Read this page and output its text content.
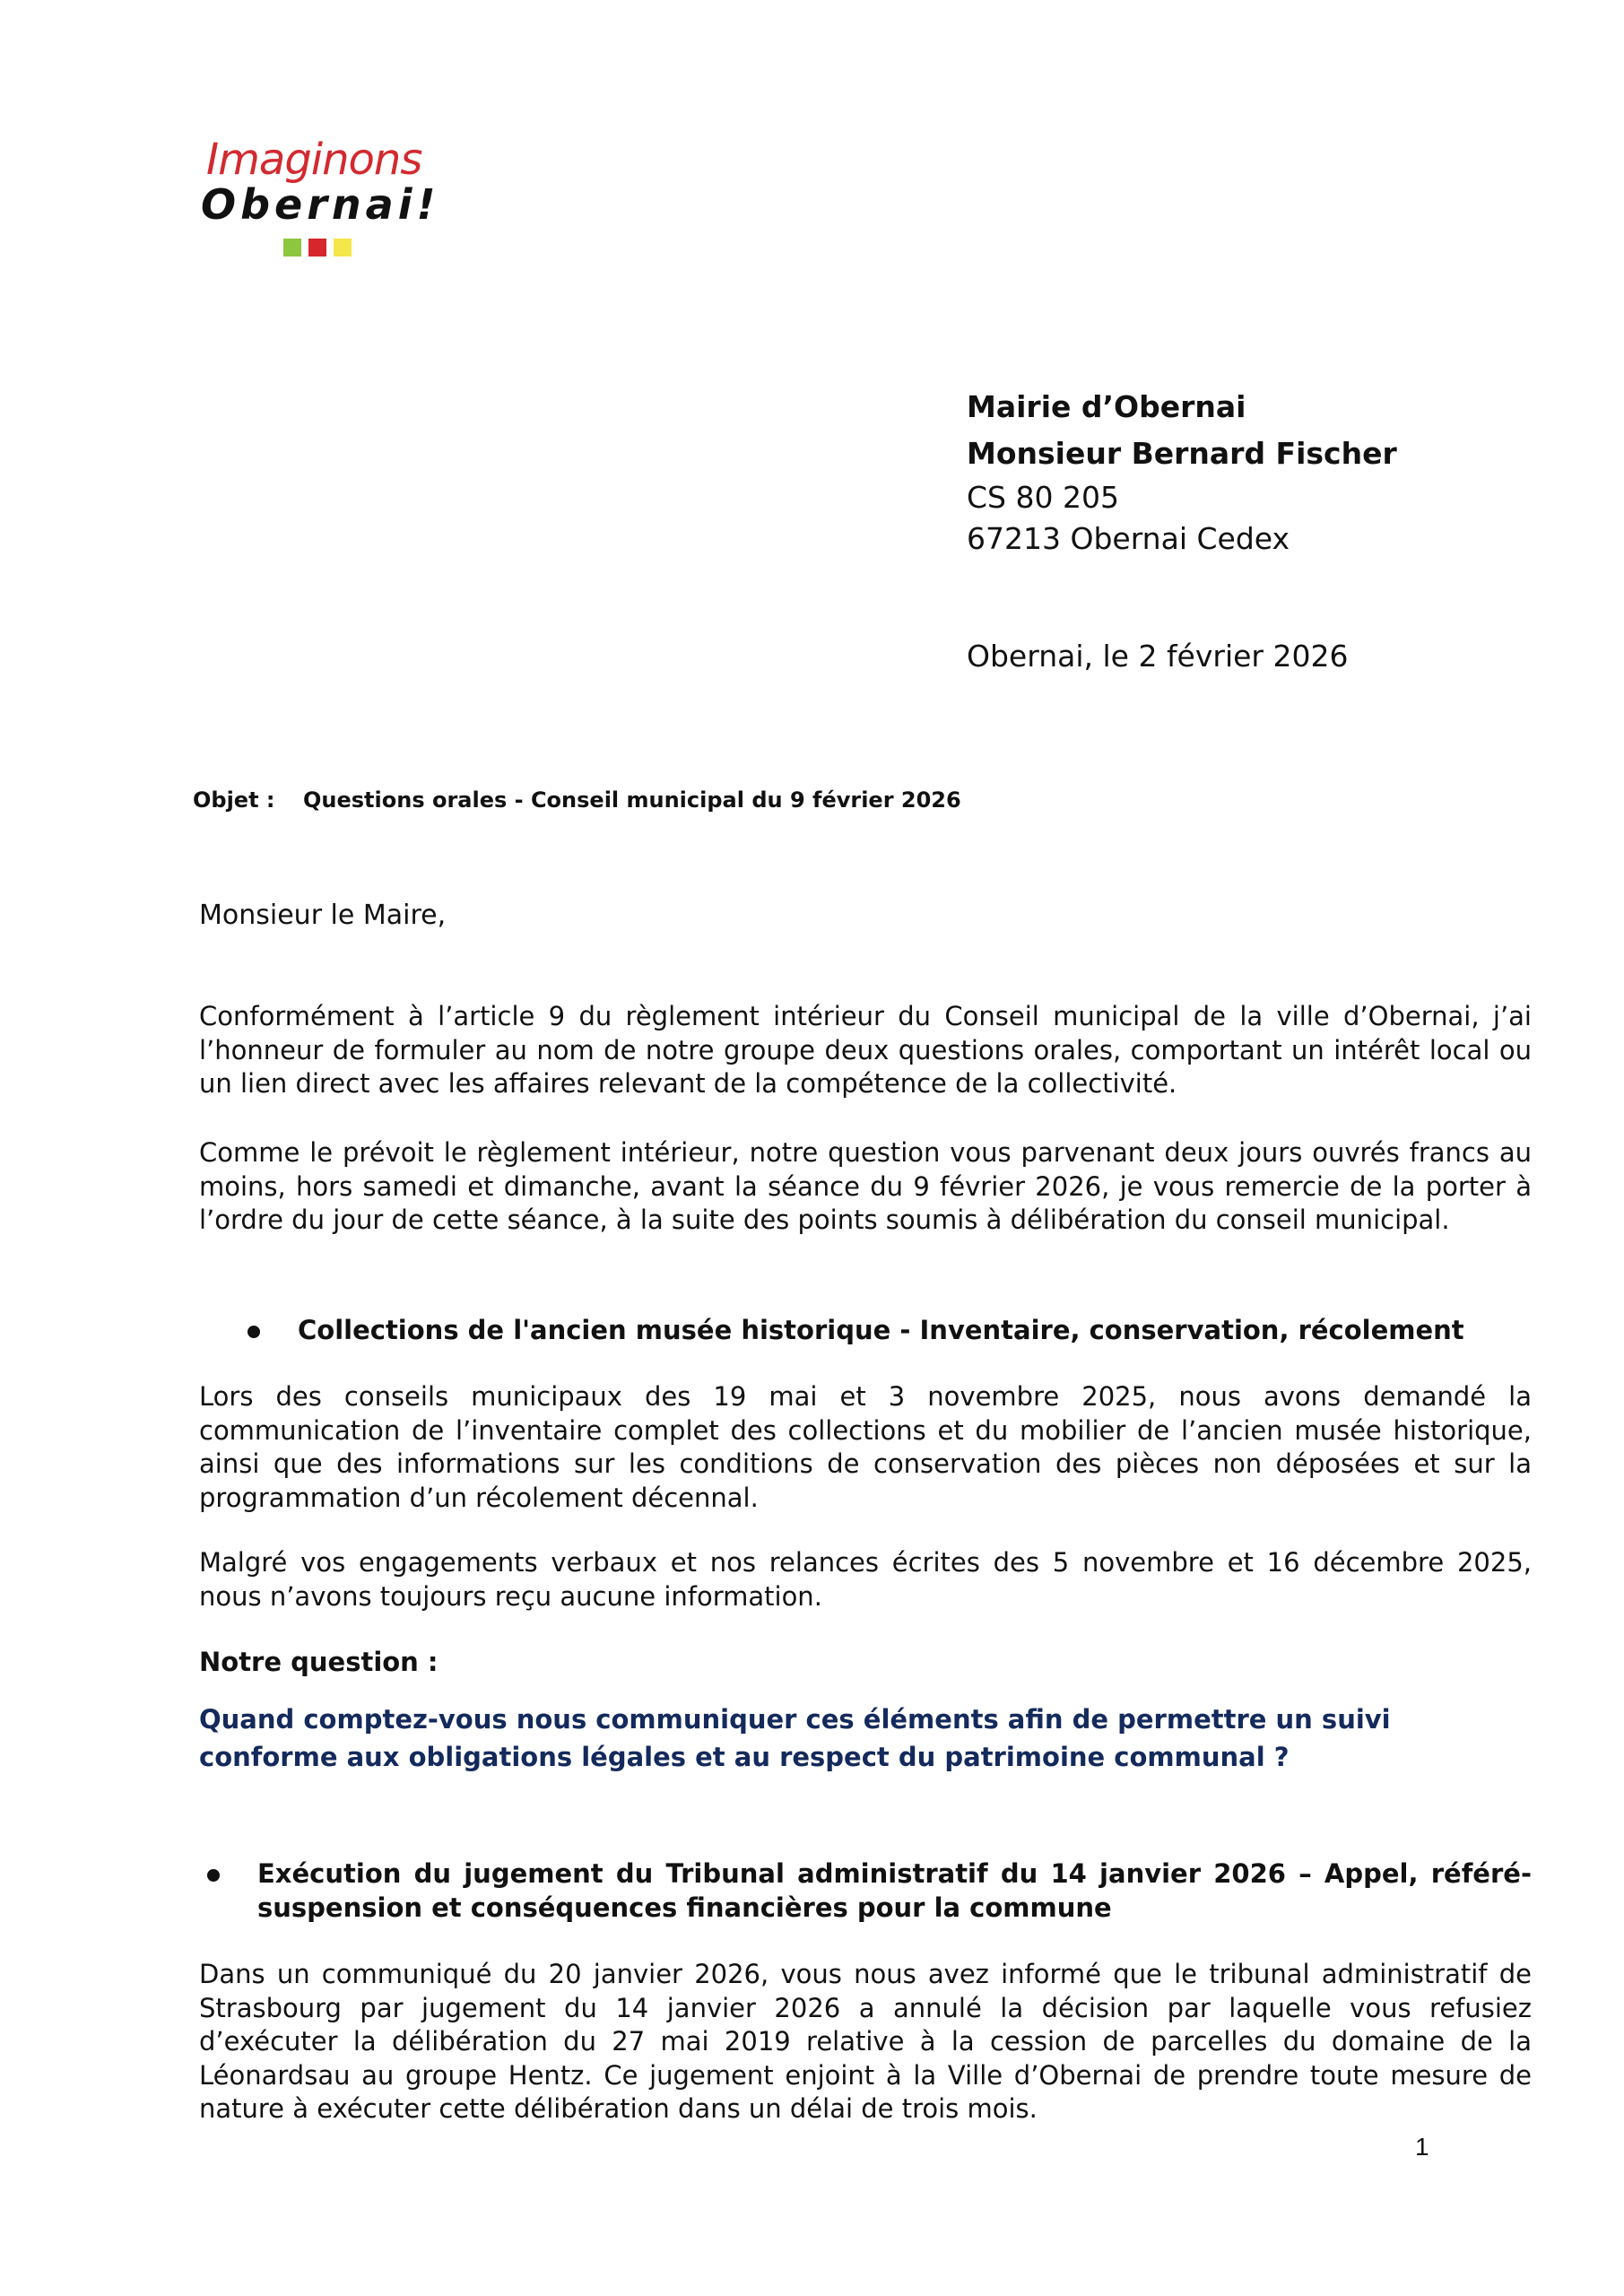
Imaginons
Obernai!
Mairie d’Obernai
Monsieur Bernard Fischer
CS 80 205
67213 Obernai Cedex
Obernai, le 2 février 2026
Objet :	Questions orales - Conseil municipal du 9 février 2026
Monsieur le Maire,
Conformément à l’article 9 du règlement intérieur du Conseil municipal de la ville d’Obernai, j’ai l’honneur de formuler au nom de notre groupe deux questions orales, comportant un intérêt local ou un lien direct avec les affaires relevant de la compétence de la collectivité.
Comme le prévoit le règlement intérieur, notre question vous parvenant deux jours ouvrés francs au moins, hors samedi et dimanche, avant la séance du 9 février 2026, je vous remercie de la porter à l’ordre du jour de cette séance, à la suite des points soumis à délibération du conseil municipal.
Collections de l'ancien musée historique - Inventaire, conservation, récolement
Lors des conseils municipaux des 19 mai et 3 novembre 2025, nous avons demandé la communication de l’inventaire complet des collections et du mobilier de l’ancien musée historique, ainsi que des informations sur les conditions de conservation des pièces non déposées et sur la programmation d’un récolement décennal.
Malgré vos engagements verbaux et nos relances écrites des 5 novembre et 16 décembre 2025, nous n’avons toujours reçu aucune information.
Notre question :
Quand comptez-vous nous communiquer ces éléments afin de permettre un suivi conforme aux obligations légales et au respect du patrimoine communal ?
Exécution du jugement du Tribunal administratif du 14 janvier 2026 – Appel, référé-suspension et conséquences financières pour la commune
Dans un communiqué du 20 janvier 2026, vous nous avez informé que le tribunal administratif de Strasbourg par jugement du 14 janvier 2026 a annulé la décision par laquelle vous refusiez d’exécuter la délibération du 27 mai 2019 relative à la cession de parcelles du domaine de la Léonardsau au groupe Hentz. Ce jugement enjoint à la Ville d’Obernai de prendre toute mesure de nature à exécuter cette délibération dans un délai de trois mois.
1
